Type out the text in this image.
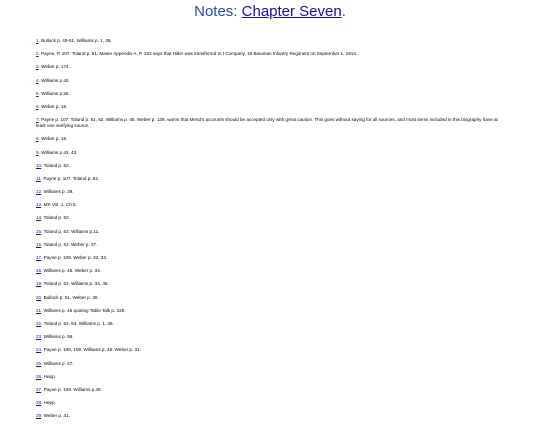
Notes: Chapter Seven.
1. Bullock p. 49-51. Williams p. 1, 36.
2. Payne, P. 107. Toland p. 61. Maser Appendix A, P. 322 says that Hitler was transferred to I Company, 16 Bavarian Infantry Regiment on September 1, 1914.
3. Weber p. 174.
4. Williams p.42.
5. Williams p.55.
6. Weber p. 19.
7. Payne p. 107. Toland p. 61, 62. Williams p. 45. Weber p. 139, warns that Mend's accounts should be accepted only with great caution. This goes without saying for all sources, and most items included in this biography have at least one verifying source.
8. Weber p. 19.
9. Williams p.42, 43.
10. Toland p. 62.
11. Payne p. 107. Toland p. 62.
12. Williams p. 39.
13. MK Vol. 1, Ch.5.
14. Toland p. 62.
15. Toland p. 62. Williams p.11.
16. Toland p. 62. Weber p. 27.
17. Payne p. 108. Weber p. 32, 33.
18. Williams p. 45. Weber p. 34.
19. Toland p. 62. Williams p. 34, 46.
20. Bullock p. 51. Weber p. 30.
21. Williams p. 46 quoting Table Talk p. 325.
22. Toland p. 62, 63. Williams p. 1, 38.
23. Williams p. 56.
24. Payne p. 108, 109. Williams p. 48. Weber p. 31.
25. Williams p. 47.
26. Hepp.
27. Payne p. 109. Williams p.49.
28. Hepp.
29. Weber p. 41.
